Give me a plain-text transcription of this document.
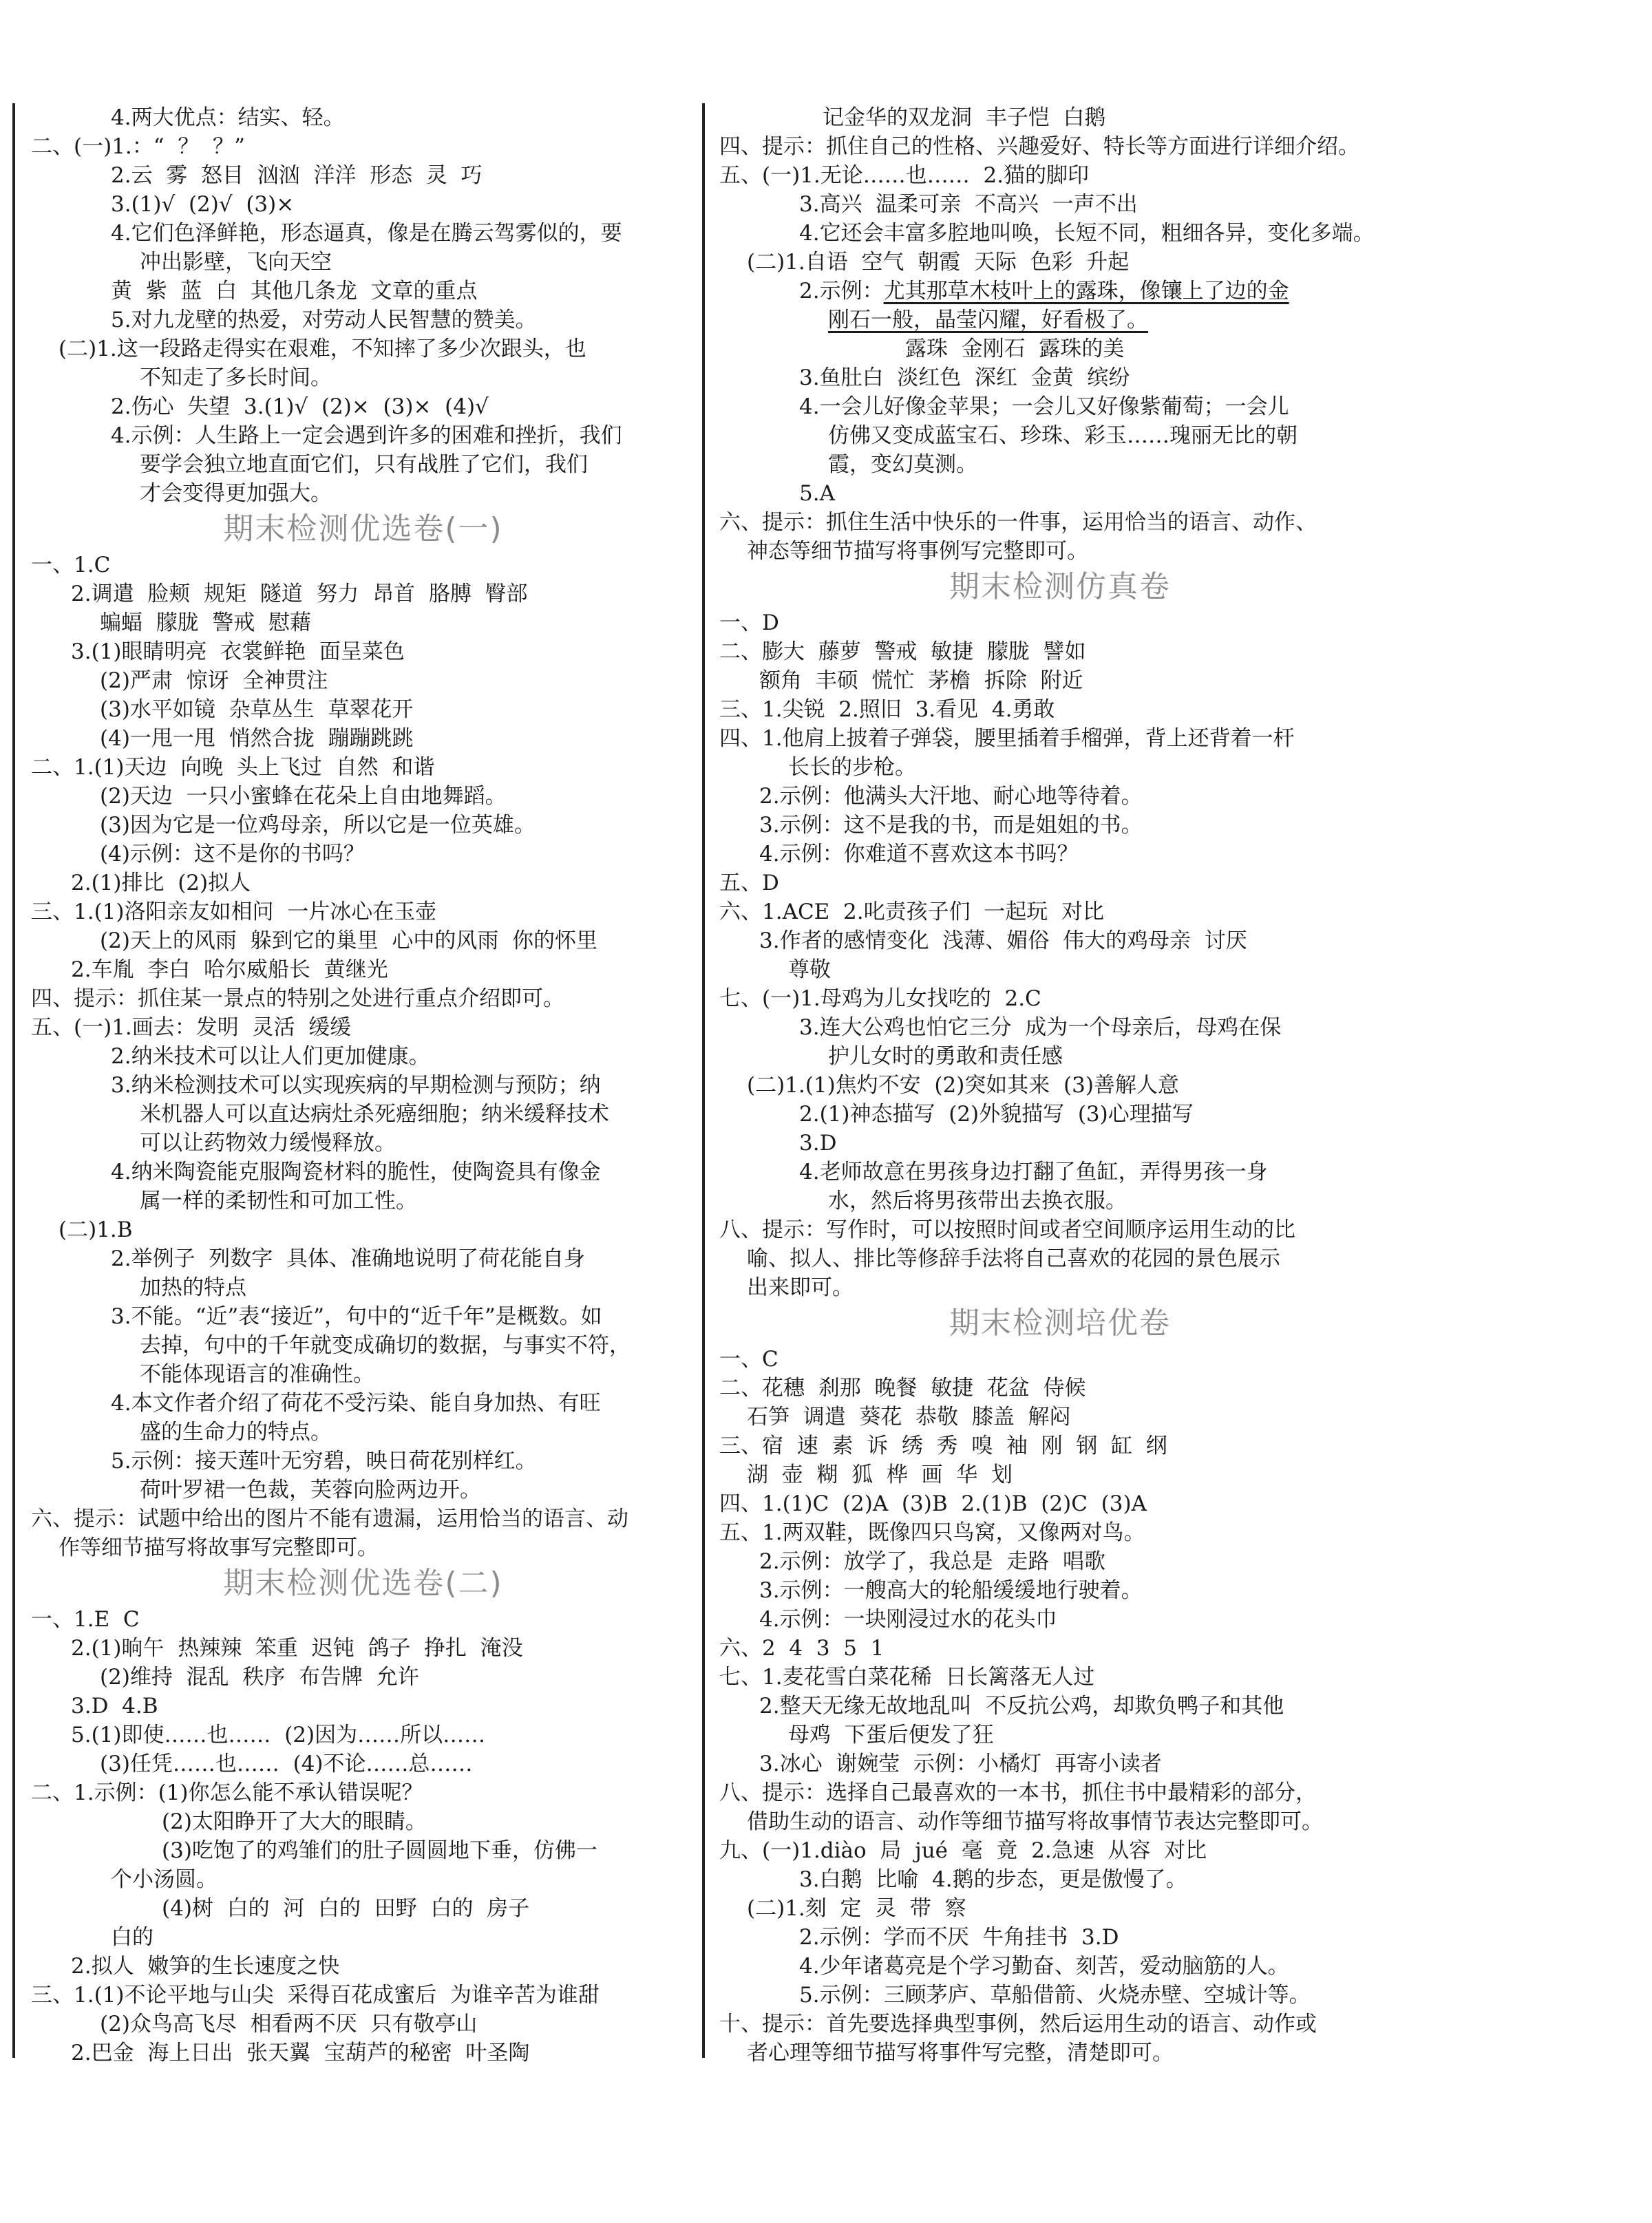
4.两大优点：结实、轻。
二、(一)1.：“  ？  ？”
2.云  雾  怒目  汹汹  洋洋  形态  灵  巧
3.(1)√  (2)√  (3)×
4.它们色泽鲜艳，形态逼真，像是在腾云驾雾似的，要
冲出影壁，飞向天空
黄  紫  蓝  白  其他几条龙  文章的重点
5.对九龙壁的热爱，对劳动人民智慧的赞美。
(二)1.这一段路走得实在艰难，不知摔了多少次跟头，也
不知走了多长时间。
2.伤心  失望  3.(1)√  (2)×  (3)×  (4)√
4.示例：人生路上一定会遇到许多的困难和挫折，我们
要学会独立地直面它们，只有战胜了它们，我们
才会变得更加强大。
期末检测优选卷(一)
一、1.C
2.调遣  脸颊  规矩  隧道  努力  昂首  胳膊  臀部
蝙蝠  朦胧  警戒  慰藉
3.(1)眼睛明亮  衣裳鲜艳  面呈菜色
(2)严肃  惊讶  全神贯注
(3)水平如镜  杂草丛生  草翠花开
(4)一甩一甩  悄然合拢  蹦蹦跳跳
二、1.(1)天边  向晚  头上飞过  自然  和谐
(2)天边  一只小蜜蜂在花朵上自由地舞蹈。
(3)因为它是一位鸡母亲，所以它是一位英雄。
(4)示例：这不是你的书吗？
2.(1)排比  (2)拟人
三、1.(1)洛阳亲友如相问  一片冰心在玉壶
(2)天上的风雨  躲到它的巢里  心中的风雨  你的怀里
2.车胤  李白  哈尔威船长  黄继光
四、提示：抓住某一景点的特别之处进行重点介绍即可。
五、(一)1.画去：发明  灵活  缓缓
2.纳米技术可以让人们更加健康。
3.纳米检测技术可以实现疾病的早期检测与预防；纳
米机器人可以直达病灶杀死癌细胞；纳米缓释技术
可以让药物效力缓慢释放。
4.纳米陶瓷能克服陶瓷材料的脆性，使陶瓷具有像金
属一样的柔韧性和可加工性。
(二)1.B
2.举例子  列数字  具体、准确地说明了荷花能自身
加热的特点
3.不能。“近”表“接近”，句中的“近千年”是概数。如
去掉，句中的千年就变成确切的数据，与事实不符，
不能体现语言的准确性。
4.本文作者介绍了荷花不受污染、能自身加热、有旺
盛的生命力的特点。
5.示例：接天莲叶无穷碧，映日荷花别样红。
荷叶罗裙一色裁，芙蓉向脸两边开。
六、提示：试题中给出的图片不能有遗漏，运用恰当的语言、动
作等细节描写将故事写完整即可。
期末检测优选卷(二)
一、1.E  C
2.(1)晌午  热辣辣  笨重  迟钝  鸽子  挣扎  淹没
(2)维持  混乱  秩序  布告牌  允许
3.D  4.B
5.(1)即使……也……  (2)因为……所以……
(3)任凭……也……  (4)不论……总……
二、1.示例：(1)你怎么能不承认错误呢？
(2)太阳睁开了大大的眼睛。
(3)吃饱了的鸡雏们的肚子圆圆地下垂，仿佛一
个小汤圆。
(4)树  白的  河  白的  田野  白的  房子
白的
2.拟人  嫩笋的生长速度之快
三、1.(1)不论平地与山尖  采得百花成蜜后  为谁辛苦为谁甜
(2)众鸟高飞尽  相看两不厌  只有敬亭山
2.巴金  海上日出  张天翼  宝葫芦的秘密  叶圣陶
记金华的双龙洞  丰子恺  白鹅
四、提示：抓住自己的性格、兴趣爱好、特长等方面进行详细介绍。
五、(一)1.无论……也……  2.猫的脚印
3.高兴  温柔可亲  不高兴  一声不出
4.它还会丰富多腔地叫唤，长短不同，粗细各异，变化多端。
(二)1.自语  空气  朝霞  天际  色彩  升起
2.示例：尤其那草木枝叶上的露珠，像镶上了边的金
刚石一般，晶莹闪耀，好看极了。
露珠  金刚石  露珠的美
3.鱼肚白  淡红色  深红  金黄  缤纷
4.一会儿好像金苹果；一会儿又好像紫葡萄；一会儿
仿佛又变成蓝宝石、珍珠、彩玉……瑰丽无比的朝
霞，变幻莫测。
5.A
六、提示：抓住生活中快乐的一件事，运用恰当的语言、动作、
神态等细节描写将事例写完整即可。
期末检测仿真卷
一、D
二、膨大  藤萝  警戒  敏捷  朦胧  譬如
额角  丰硕  慌忙  茅檐  拆除  附近
三、1.尖锐  2.照旧  3.看见  4.勇敢
四、1.他肩上披着子弹袋，腰里插着手榴弹，背上还背着一杆
长长的步枪。
2.示例：他满头大汗地、耐心地等待着。
3.示例：这不是我的书，而是姐姐的书。
4.示例：你难道不喜欢这本书吗？
五、D
六、1.ACE  2.叱责孩子们  一起玩  对比
3.作者的感情变化  浅薄、媚俗  伟大的鸡母亲  讨厌
尊敬
七、(一)1.母鸡为儿女找吃的  2.C
3.连大公鸡也怕它三分  成为一个母亲后，母鸡在保
护儿女时的勇敢和责任感
(二)1.(1)焦灼不安  (2)突如其来  (3)善解人意
2.(1)神态描写  (2)外貌描写  (3)心理描写
3.D
4.老师故意在男孩身边打翻了鱼缸，弄得男孩一身
水，然后将男孩带出去换衣服。
八、提示：写作时，可以按照时间或者空间顺序运用生动的比
喻、拟人、排比等修辞手法将自己喜欢的花园的景色展示
出来即可。
期末检测培优卷
一、C
二、花穗  刹那  晚餐  敏捷  花盆  侍候
石笋  调遣  葵花  恭敬  膝盖  解闷
三、宿  速  素  诉  绣  秀  嗅  袖  刚  钢  缸  纲
湖  壶  糊  狐  桦  画  华  划
四、1.(1)C  (2)A  (3)B  2.(1)B  (2)C  (3)A
五、1.两双鞋，既像四只鸟窝，又像两对鸟。
2.示例：放学了，我总是  走路  唱歌
3.示例：一艘高大的轮船缓缓地行驶着。
4.示例：一块刚浸过水的花头巾
六、2  4  3  5  1
七、1.麦花雪白菜花稀  日长篱落无人过
2.整天无缘无故地乱叫  不反抗公鸡，却欺负鸭子和其他
母鸡  下蛋后便发了狂
3.冰心  谢婉莹  示例：小橘灯  再寄小读者
八、提示：选择自己最喜欢的一本书，抓住书中最精彩的部分，
借助生动的语言、动作等细节描写将故事情节表达完整即可。
九、(一)1.diào  局  jué  毫  竟  2.急速  从容  对比
3.白鹅  比喻  4.鹅的步态，更是傲慢了。
(二)1.刻  定  灵  带  察
2.示例：学而不厌  牛角挂书  3.D
4.少年诸葛亮是个学习勤奋、刻苦，爱动脑筋的人。
5.示例：三顾茅庐、草船借箭、火烧赤壁、空城计等。
十、提示：首先要选择典型事例，然后运用生动的语言、动作或
者心理等细节描写将事件写完整，清楚即可。
